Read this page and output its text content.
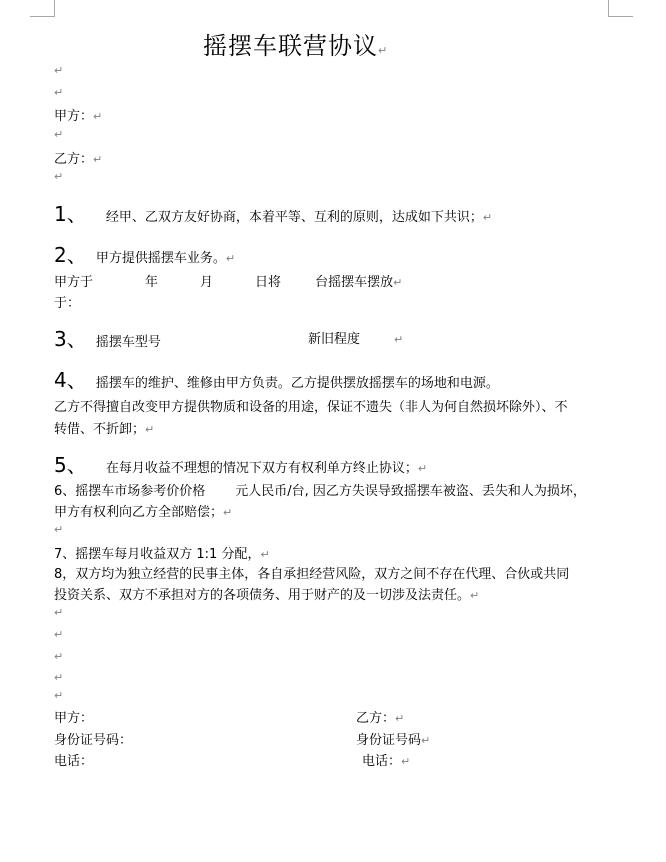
摇摆车联营协议↵
↵
↵
甲方：↵
↵
乙方：↵
↵
1、 经甲、乙双方友好协商，本着平等、互利的原则，达成如下共识；↵
2、 甲方提供摇摆车业务。↵
甲方于	年	月	日将	台摇摆车摆放↵
于：
3、 摇摆车型号	新旧程度	↵
4、 摇摆车的维护、维修由甲方负责。乙方提供摆放摇摆车的场地和电源。
乙方不得擅自改变甲方提供物质和设备的用途，保证不遗失（非人为何自然损坏除外）、不
转借、不折卸；↵
5、 在每月收益不理想的情况下双方有权利单方终止协议；↵
6、摇摆车市场参考价价格 元人民币/台, 因乙方失误导致摇摆车被盗、丢失和人为损坏，
甲方有权利向乙方全部赔偿；↵
↵
7、摇摆车每月收益双方 1:1 分配，↵
8，双方均为独立经营的民事主体，各自承担经营风险，双方之间不存在代理、合伙或共同
投资关系、双方不承担对方的各项债务、用于财产的及一切涉及法责任。↵
↵
↵
↵
↵
↵
甲方：	乙方：↵
身份证号码：	身份证号码↵
电话：	电话：↵
